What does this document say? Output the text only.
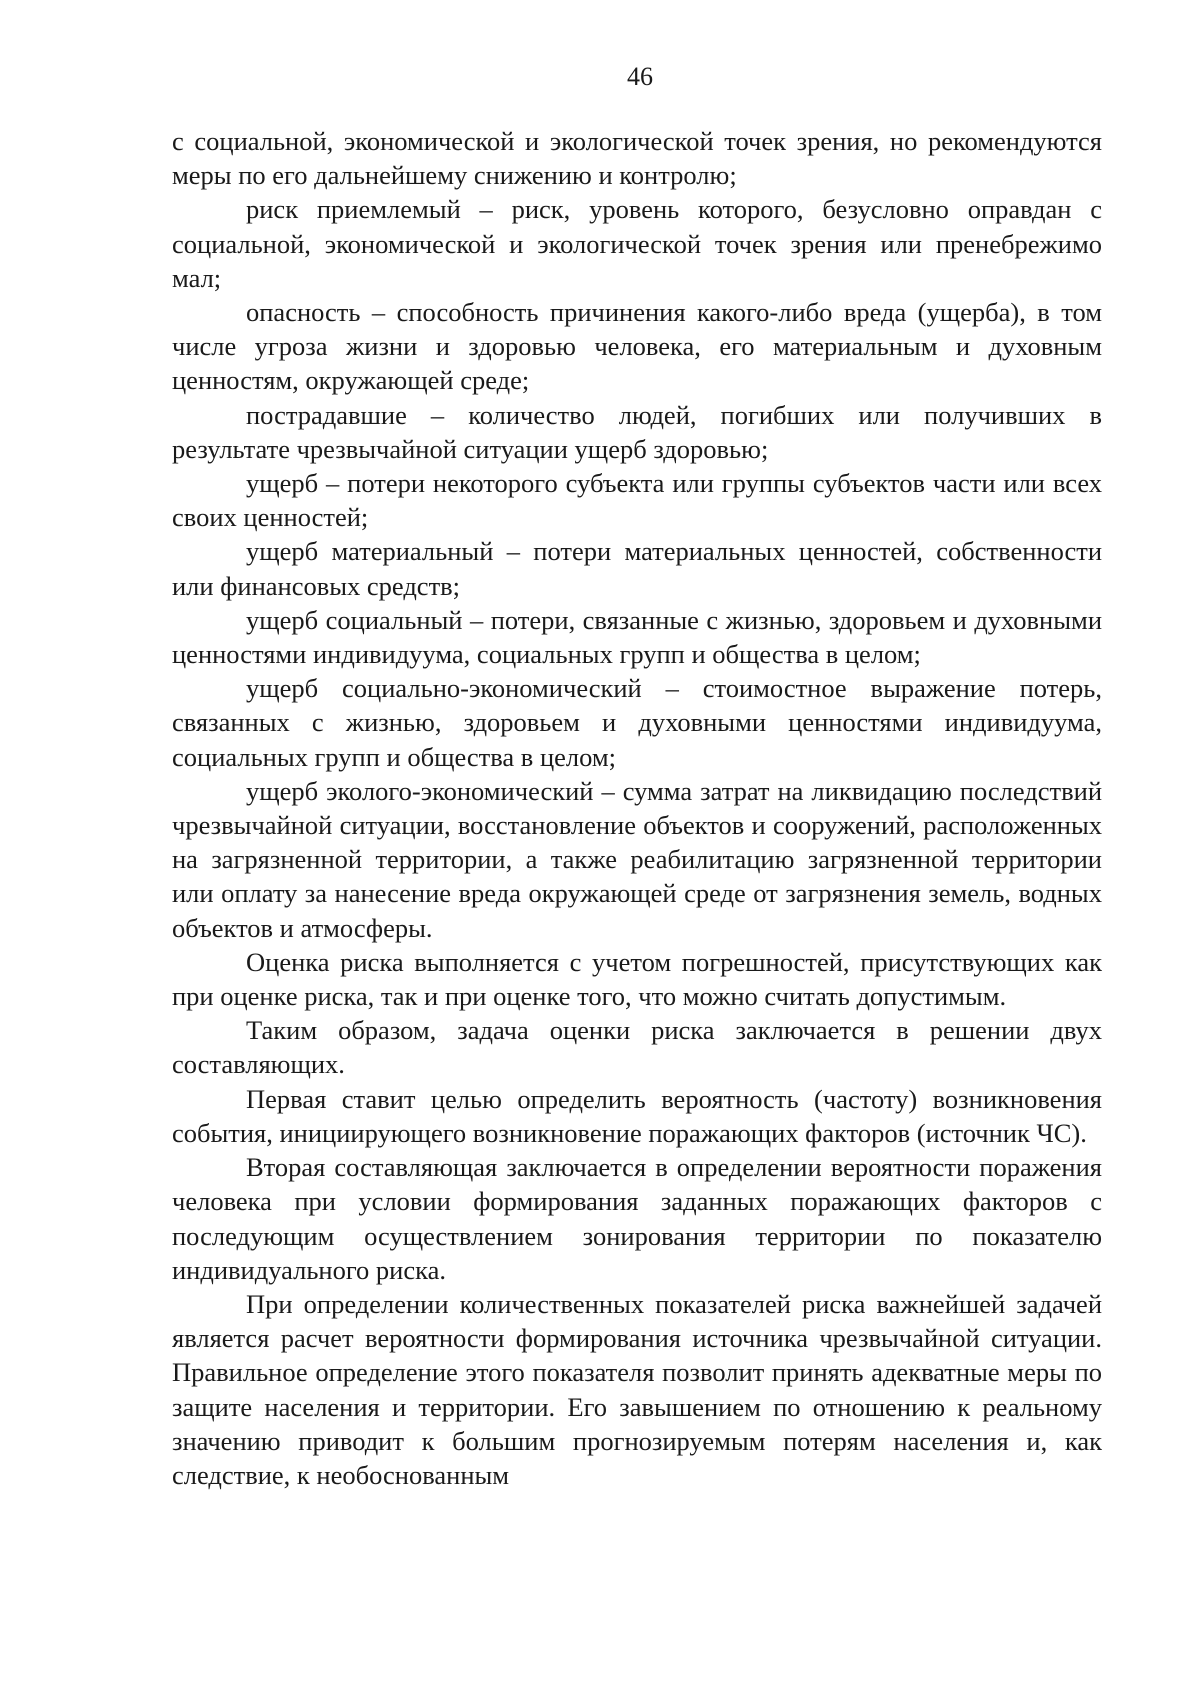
46

с социальной, экономической и экологической точек зрения, но рекомендуются меры по его дальнейшему снижению и контролю;

риск приемлемый – риск, уровень которого, безусловно оправдан с социальной, экономической и экологической точек зрения или пренебрежимо мал;

опасность – способность причинения какого-либо вреда (ущерба), в том числе угроза жизни и здоровью человека, его материальным и духовным ценностям, окружающей среде;

пострадавшие – количество людей, погибших или получивших в результате чрезвычайной ситуации ущерб здоровью;

ущерб – потери некоторого субъекта или группы субъектов части или всех своих ценностей;

ущерб материальный – потери материальных ценностей, собственности или финансовых средств;

ущерб социальный – потери, связанные с жизнью, здоровьем и духовными ценностями индивидуума, социальных групп и общества в целом;

ущерб социально-экономический – стоимостное выражение потерь, связанных с жизнью, здоровьем и духовными ценностями индивидуума, социальных групп и общества в целом;

ущерб эколого-экономический – сумма затрат на ликвидацию последствий чрезвычайной ситуации, восстановление объектов и сооружений, расположенных на загрязненной территории, а также реабилитацию загрязненной территории или оплату за нанесение вреда окружающей среде от загрязнения земель, водных объектов и атмосферы.

Оценка риска выполняется с учетом погрешностей, присутствующих как при оценке риска, так и при оценке того, что можно считать допустимым.

Таким образом, задача оценки риска заключается в решении двух составляющих.

Первая ставит целью определить вероятность (частоту) возникновения события, инициирующего возникновение поражающих факторов (источник ЧС).

Вторая составляющая заключается в определении вероятности поражения человека при условии формирования заданных поражающих факторов с последующим осуществлением зонирования территории по показателю индивидуального риска.

При определении количественных показателей риска важнейшей задачей является расчет вероятности формирования источника чрезвычайной ситуации. Правильное определение этого показателя позволит принять адекватные меры по защите населения и территории. Его завышением по отношению к реальному значению приводит к большим прогнозируемым потерям населения и, как следствие, к необоснованным
